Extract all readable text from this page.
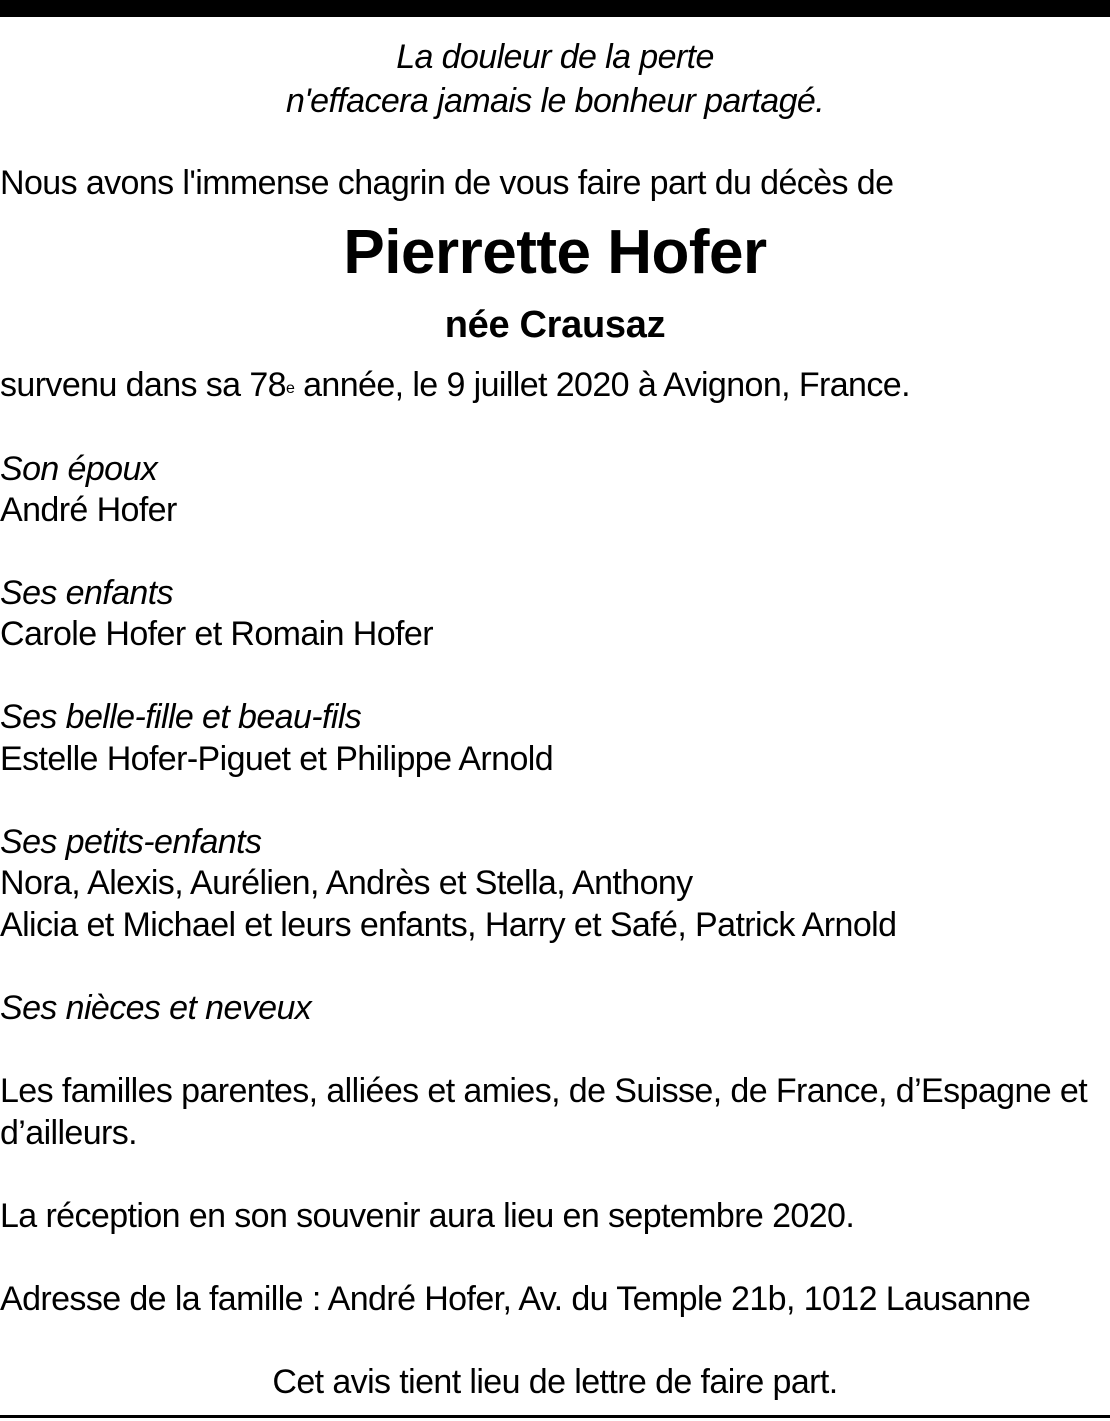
La douleur de la perte
n'effacera jamais le bonheur partagé.
Nous avons l'immense chagrin de vous faire part du décès de
Pierrette Hofer
née Crausaz
survenu dans sa 78e année, le 9 juillet 2020 à Avignon, France.
Son époux
André Hofer
Ses enfants
Carole Hofer et Romain Hofer
Ses belle-fille et beau-fils
Estelle Hofer-Piguet et Philippe Arnold
Ses petits-enfants
Nora, Alexis, Aurélien, Andrès et Stella, Anthony
Alicia et Michael et leurs enfants, Harry et Safé, Patrick Arnold
Ses nièces et neveux
Les familles parentes, alliées et amies, de Suisse, de France, d’Espagne et
d’ailleurs.
La réception en son souvenir aura lieu en septembre 2020.
Adresse de la famille : André Hofer, Av. du Temple 21b, 1012 Lausanne
Cet avis tient lieu de lettre de faire part.
